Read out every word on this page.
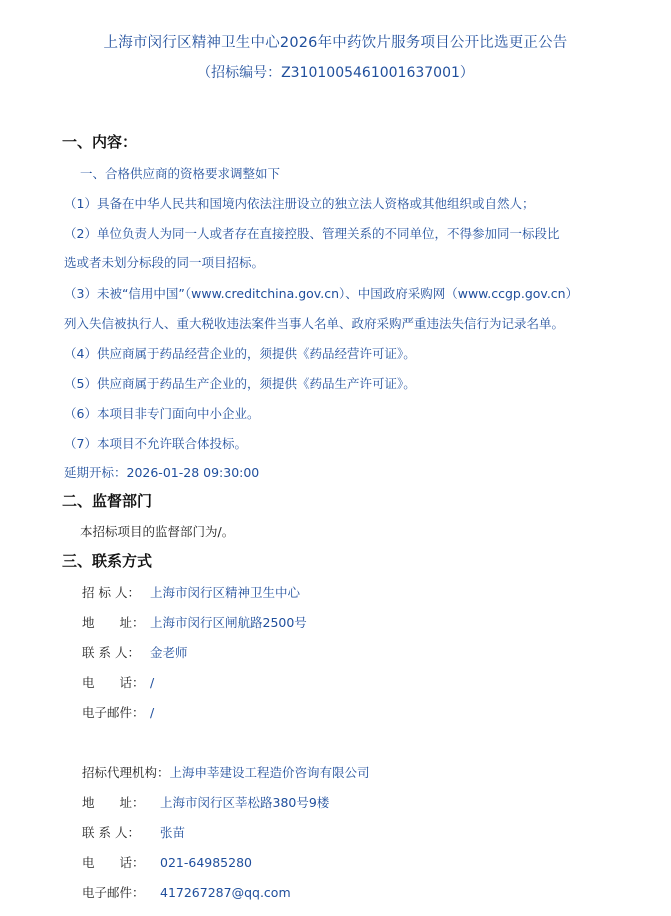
上海市闵行区精神卫生中心2026年中药饮片服务项目公开比选更正公告
（招标编号：Z3101005461001637001）
一、内容：
一、合格供应商的资格要求调整如下
（1）具备在中华人民共和国境内依法注册设立的独立法人资格或其他组织或自然人；
（2）单位负责人为同一人或者存在直接控股、管理关系的不同单位，不得参加同一标段比
选或者未划分标段的同一项目招标。
（3）未被“信用中国”（www.creditchina.gov.cn）、中国政府采购网（www.ccgp.gov.cn）
列入失信被执行人、重大税收违法案件当事人名单、政府采购严重违法失信行为记录名单。
（4）供应商属于药品经营企业的，须提供《药品经营许可证》。
（5）供应商属于药品生产企业的，须提供《药品生产许可证》。
（6）本项目非专门面向中小企业。
（7）本项目不允许联合体投标。
延期开标：2026-01-28 09:30:00
二、监督部门
本招标项目的监督部门为/。
三、联系方式
招 标 人： 上海市闵行区精神卫生中心
地　　址： 上海市闵行区闸航路2500号
联 系 人： 金老师
电　　话： /
电子邮件： /
招标代理机构：上海申莘建设工程造价咨询有限公司
地　　址： 上海市闵行区莘松路380号9楼
联 系 人： 张苗
电　　话： 021-64985280
电子邮件： 417267287@qq.com
